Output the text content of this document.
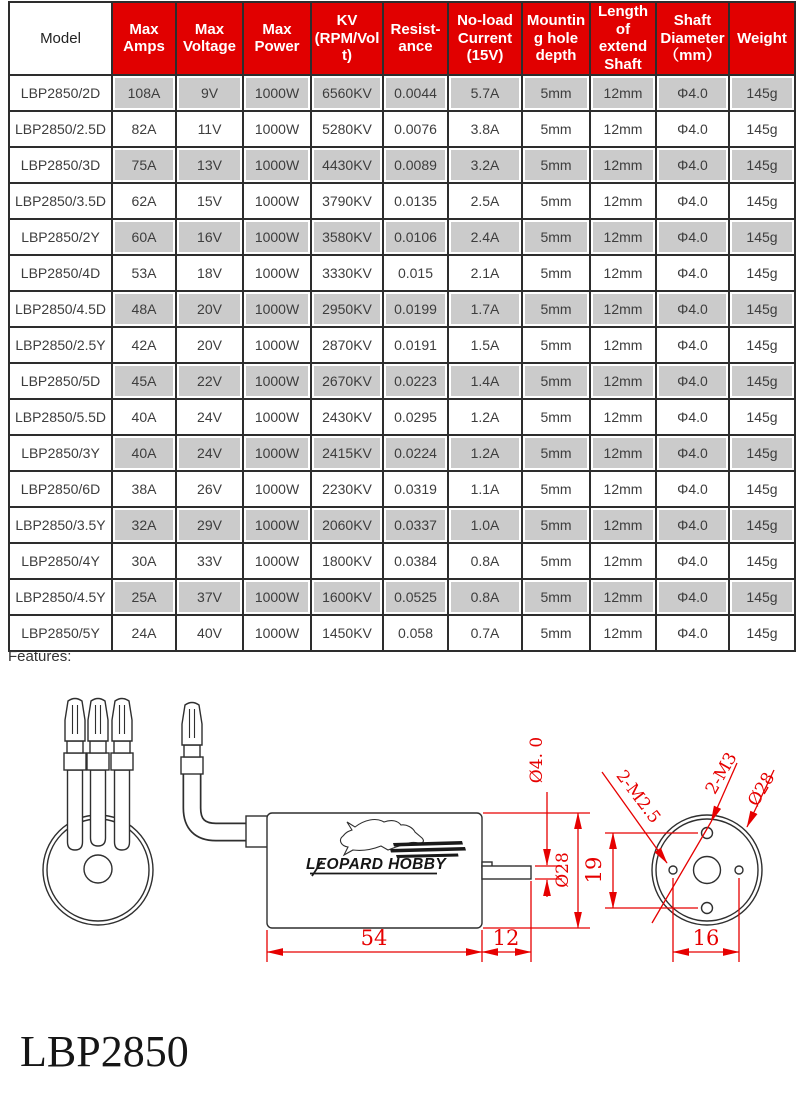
Model	Max Amps	Max Voltage	Max Power	KV (RPM/Volt)	Resist-ance	No-load Current (15V)	Mounting hole depth	Length of extend Shaft	Shaft Diameter （mm）	Weight
LBP2850/2D	108A	9V	1000W	6560KV	0.0044	5.7A	5mm	12mm	Φ4.0	145g
LBP2850/2.5D	82A	11V	1000W	5280KV	0.0076	3.8A	5mm	12mm	Φ4.0	145g
LBP2850/3D	75A	13V	1000W	4430KV	0.0089	3.2A	5mm	12mm	Φ4.0	145g
LBP2850/3.5D	62A	15V	1000W	3790KV	0.0135	2.5A	5mm	12mm	Φ4.0	145g
LBP2850/2Y	60A	16V	1000W	3580KV	0.0106	2.4A	5mm	12mm	Φ4.0	145g
LBP2850/4D	53A	18V	1000W	3330KV	0.015	2.1A	5mm	12mm	Φ4.0	145g
LBP2850/4.5D	48A	20V	1000W	2950KV	0.0199	1.7A	5mm	12mm	Φ4.0	145g
LBP2850/2.5Y	42A	20V	1000W	2870KV	0.0191	1.5A	5mm	12mm	Φ4.0	145g
LBP2850/5D	45A	22V	1000W	2670KV	0.0223	1.4A	5mm	12mm	Φ4.0	145g
LBP2850/5.5D	40A	24V	1000W	2430KV	0.0295	1.2A	5mm	12mm	Φ4.0	145g
LBP2850/3Y	40A	24V	1000W	2415KV	0.0224	1.2A	5mm	12mm	Φ4.0	145g
LBP2850/6D	38A	26V	1000W	2230KV	0.0319	1.1A	5mm	12mm	Φ4.0	145g
LBP2850/3.5Y	32A	29V	1000W	2060KV	0.0337	1.0A	5mm	12mm	Φ4.0	145g
LBP2850/4Y	30A	33V	1000W	1800KV	0.0384	0.8A	5mm	12mm	Φ4.0	145g
LBP2850/4.5Y	25A	37V	1000W	1600KV	0.0525	0.8A	5mm	12mm	Φ4.0	145g
LBP2850/5Y	24A	40V	1000W	1450KV	0.058	0.7A	5mm	12mm	Φ4.0	145g
Features:
LEOPARD HOBBY	Ø28
Ø4. 0
54	12
19
16
2-M2.5 2-M3 Ø28
LBP2850
